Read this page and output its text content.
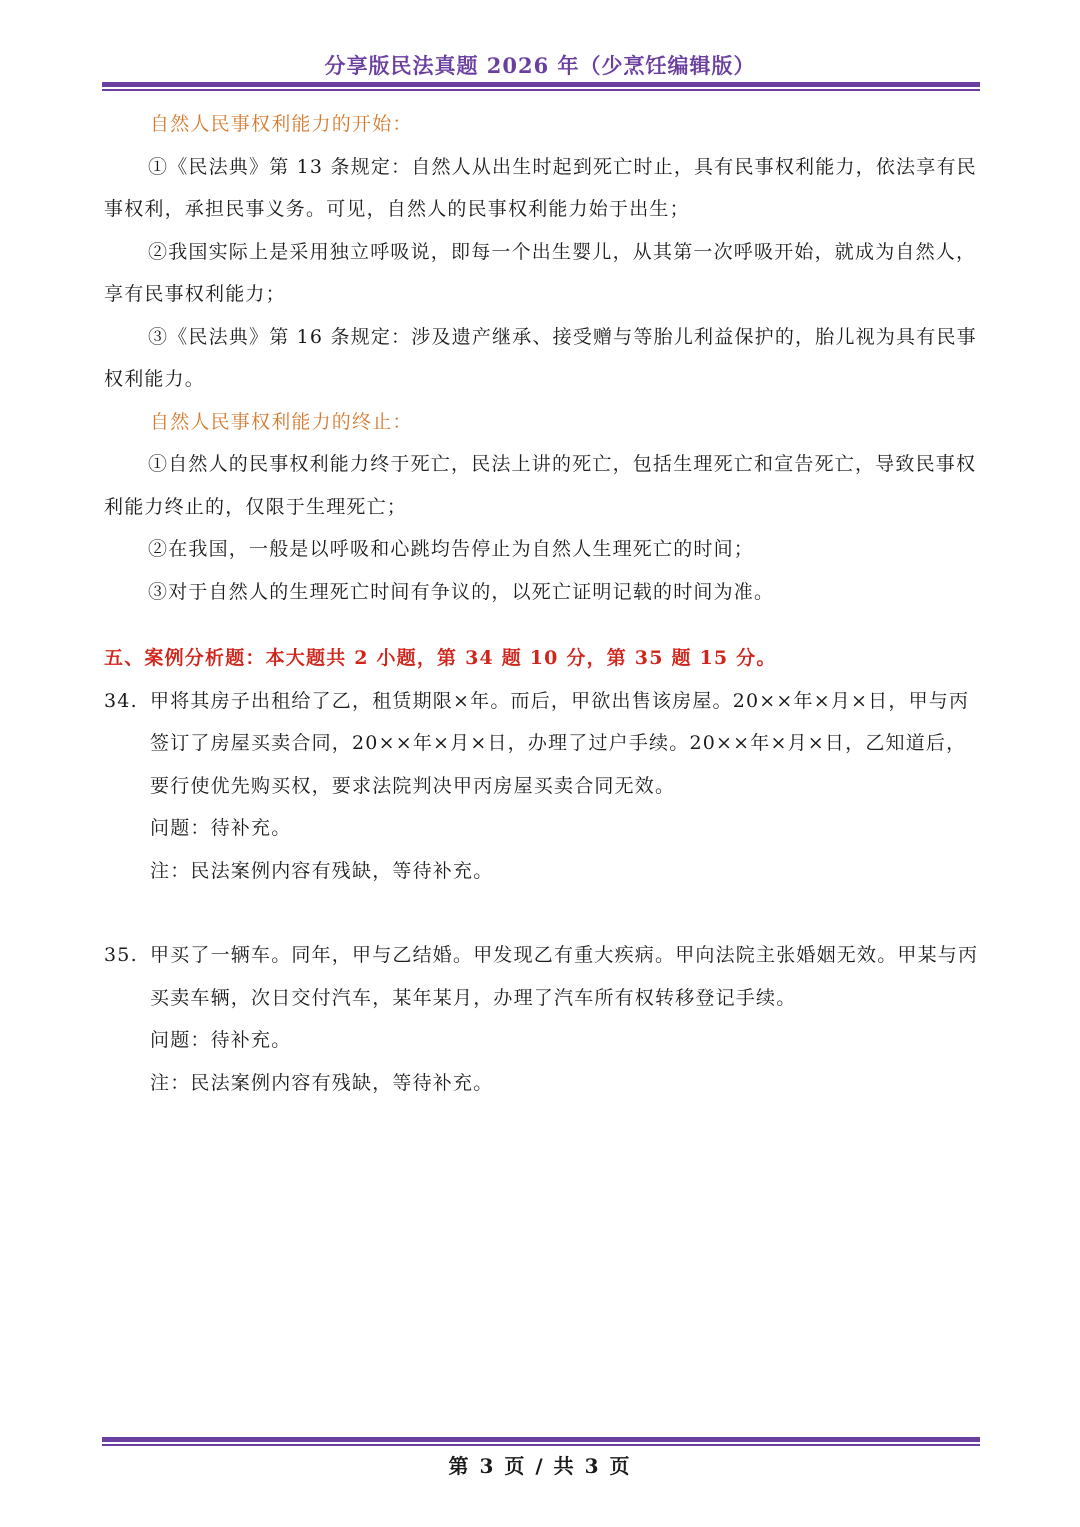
分享版民法真题 2026 年（少烹饪编辑版）
自然人民事权利能力的开始：
①《民法典》第 13 条规定：自然人从出生时起到死亡时止，具有民事权利能力，依法享有民事权利，承担民事义务。可见，自然人的民事权利能力始于出生；
②我国实际上是采用独立呼吸说，即每一个出生婴儿，从其第一次呼吸开始，就成为自然人，享有民事权利能力；
③《民法典》第 16 条规定：涉及遗产继承、接受赠与等胎儿利益保护的，胎儿视为具有民事权利能力。
自然人民事权利能力的终止：
①自然人的民事权利能力终于死亡，民法上讲的死亡，包括生理死亡和宣告死亡，导致民事权利能力终止的，仅限于生理死亡；
②在我国，一般是以呼吸和心跳均告停止为自然人生理死亡的时间；
③对于自然人的生理死亡时间有争议的，以死亡证明记载的时间为准。
五、案例分析题：本大题共 2 小题，第 34 题 10 分，第 35 题 15 分。
34. 甲将其房子出租给了乙，租赁期限×年。而后，甲欲出售该房屋。20××年×月×日，甲与丙签订了房屋买卖合同，20××年×月×日，办理了过户手续。20××年×月×日，乙知道后，要行使优先购买权，要求法院判决甲丙房屋买卖合同无效。
问题：待补充。
注：民法案例内容有残缺，等待补充。
35. 甲买了一辆车。同年，甲与乙结婚。甲发现乙有重大疾病。甲向法院主张婚姻无效。甲某与丙买卖车辆，次日交付汽车，某年某月，办理了汽车所有权转移登记手续。
问题：待补充。
注：民法案例内容有残缺，等待补充。
第 3 页 / 共 3 页
